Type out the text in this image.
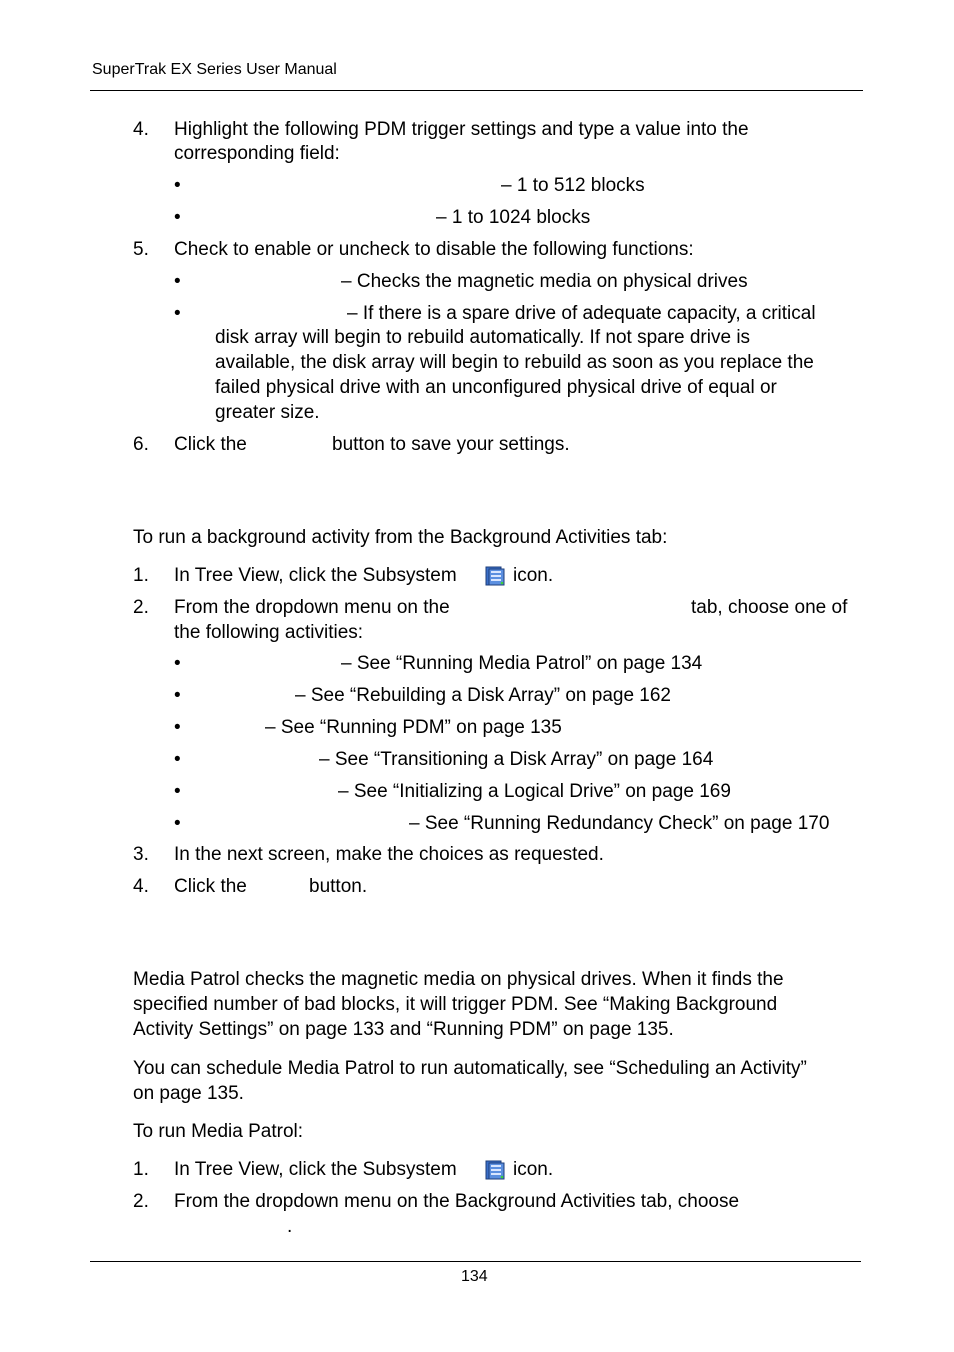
SuperTrak EX Series User Manual
4. Highlight the following PDM trigger settings and type a value into the
corresponding field:
•	– 1 to 512 blocks
•	– 1 to 1024 blocks
5. Check to enable or uncheck to disable the following functions:
•	– Checks the magnetic media on physical drives
•	– If there is a spare drive of adequate capacity, a critical
disk array will begin to rebuild automatically. If not spare drive is
available, the disk array will begin to rebuild as soon as you replace the
failed physical drive with an unconfigured physical drive of equal or
greater size.
6. Click the	button to save your settings.
To run a background activity from the Background Activities tab:
1. In Tree View, click the Subsystem	icon.
2. From the dropdown menu on the	tab, choose one of
the following activities:
•	– See “Running Media Patrol” on page 134
•	– See “Rebuilding a Disk Array” on page 162
•	– See “Running PDM” on page 135
•	– See “Transitioning a Disk Array” on page 164
•	– See “Initializing a Logical Drive” on page 169
•	– See “Running Redundancy Check” on page 170
3. In the next screen, make the choices as requested.
4. Click the	button.
Media Patrol checks the magnetic media on physical drives. When it finds the
specified number of bad blocks, it will trigger PDM. See “Making Background
Activity Settings” on page 133 and “Running PDM” on page 135.
You can schedule Media Patrol to run automatically, see “Scheduling an Activity”
on page 135.
To run Media Patrol:
1. In Tree View, click the Subsystem	icon.
2. From the dropdown menu on the Background Activities tab, choose
.
134
